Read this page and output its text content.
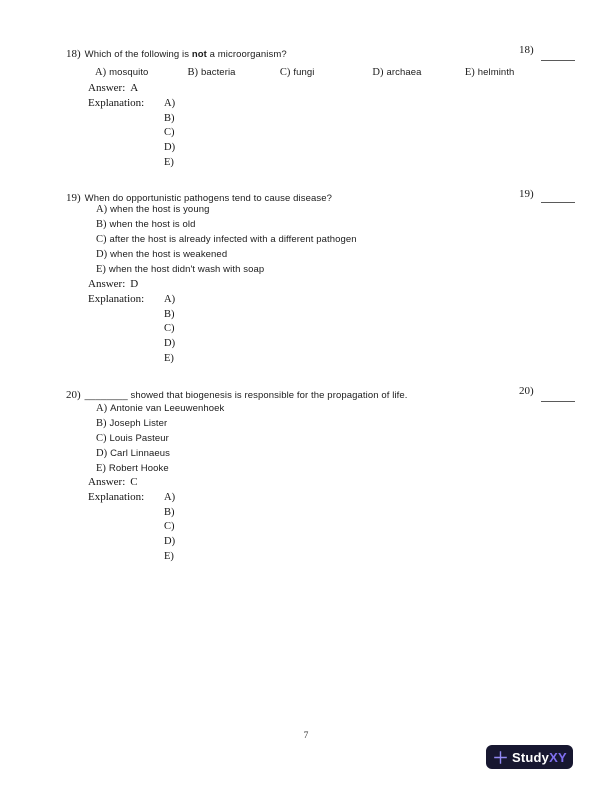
18) Which of the following is not a microorganism?
A) mosquito	B) bacteria	C) fungi	D) archaea	E) helminth
Answer: A
Explanation: A)
B)
C)
D)
E)
18)
19) When do opportunistic pathogens tend to cause disease?
A) when the host is young
B) when the host is old
C) after the host is already infected with a different pathogen
D) when the host is weakened
E) when the host didn't wash with soap
Answer: D
Explanation: A)
B)
C)
D)
E)
19)
20) ________ showed that biogenesis is responsible for the propagation of life.
A) Antonie van Leeuwenhoek
B) Joseph Lister
C) Louis Pasteur
D) Carl Linnaeus
E) Robert Hooke
Answer: C
Explanation: A)
B)
C)
D)
E)
20)
7
StudyXY
